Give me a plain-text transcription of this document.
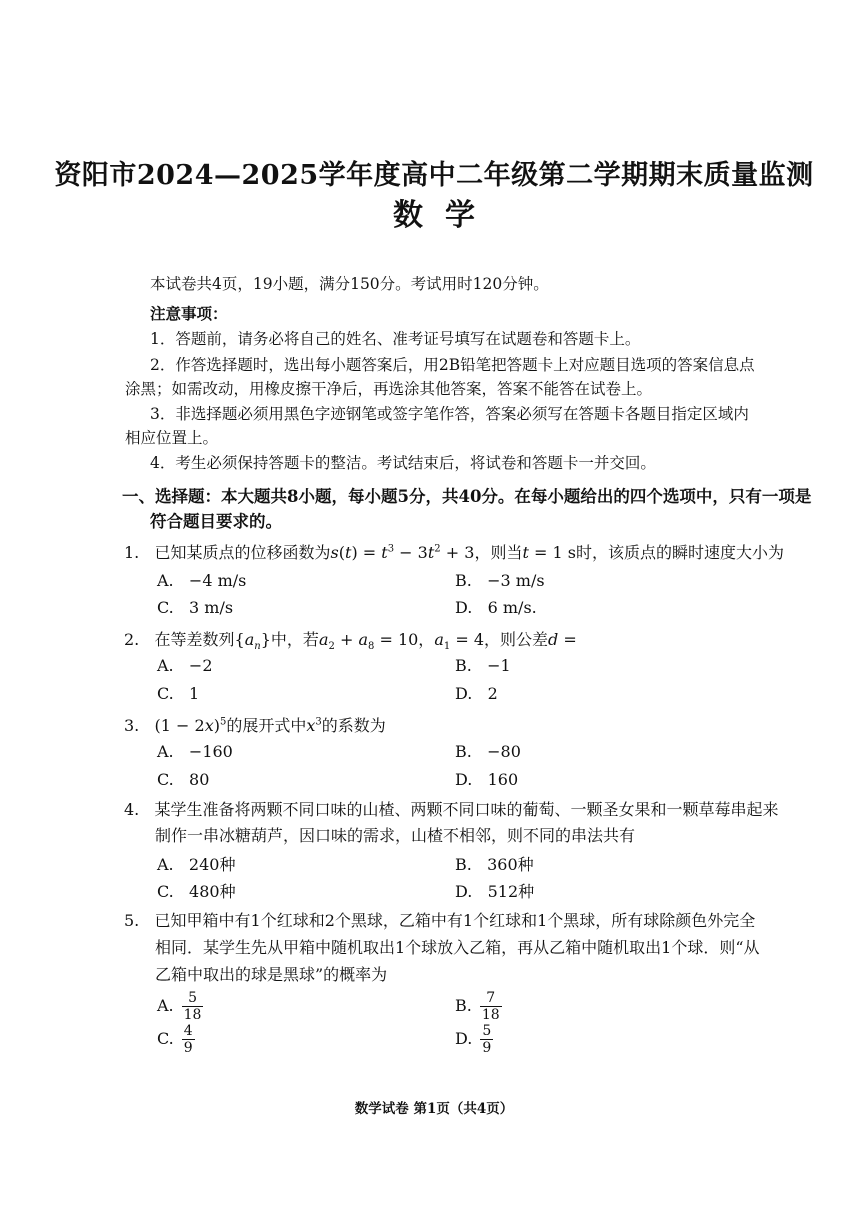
资阳市2024—2025学年度高中二年级第二学期期末质量监测
数学
本试卷共4页，19小题，满分150分。考试用时120分钟。
注意事项：
1．答题前，请务必将自己的姓名、准考证号填写在试题卷和答题卡上。
2．作答选择题时，选出每小题答案后，用2B铅笔把答题卡上对应题目选项的答案信息点
涂黑；如需改动，用橡皮擦干净后，再选涂其他答案，答案不能答在试卷上。
3．非选择题必须用黑色字迹钢笔或签字笔作答，答案必须写在答题卡各题目指定区域内
相应位置上。
4．考生必须保持答题卡的整洁。考试结束后，将试卷和答题卡一并交回。
一、选择题：本大题共8小题，每小题5分，共40分。在每小题给出的四个选项中，只有一项是
符合题目要求的。
1. 已知某质点的位移函数为$s(t) = t^3 - 3t^2 + 3$，则当t = 1 s时，该质点的瞬时速度大小为
A. −4 m/s	B. −3 m/s
C. 3 m/s	D. 6 m/s.
2. 在等差数列$\{a_n\}$中，若$a_2 + a_8 = 10$，$a_1 = 4$，则公差d =
A. −2	B. −1
C. 1	D. 2
3. $(1 - 2x)^5$的展开式中$x^3$的系数为
A. −160	B. −80
C. 80	D. 160
4. 某学生准备将两颗不同口味的山楂、两颗不同口味的葡萄、一颗圣女果和一颗草莓串起来
制作一串冰糖葫芦，因口味的需求，山楂不相邻，则不同的串法共有
A. 240种	B. 360种
C. 480种	D. 512种
5. 已知甲箱中有1个红球和2个黑球，乙箱中有1个红球和1个黑球，所有球除颜色外完全
相同．某学生先从甲箱中随机取出1个球放入乙箱，再从乙箱中随机取出1个球．则“从
乙箱中取出的球是黑球”的概率为
A. $\frac{5}{18}$	B. $\frac{7}{18}$
C. $\frac{4}{9}$	D. $\frac{5}{9}$
数学试卷 第1页（共4页）
